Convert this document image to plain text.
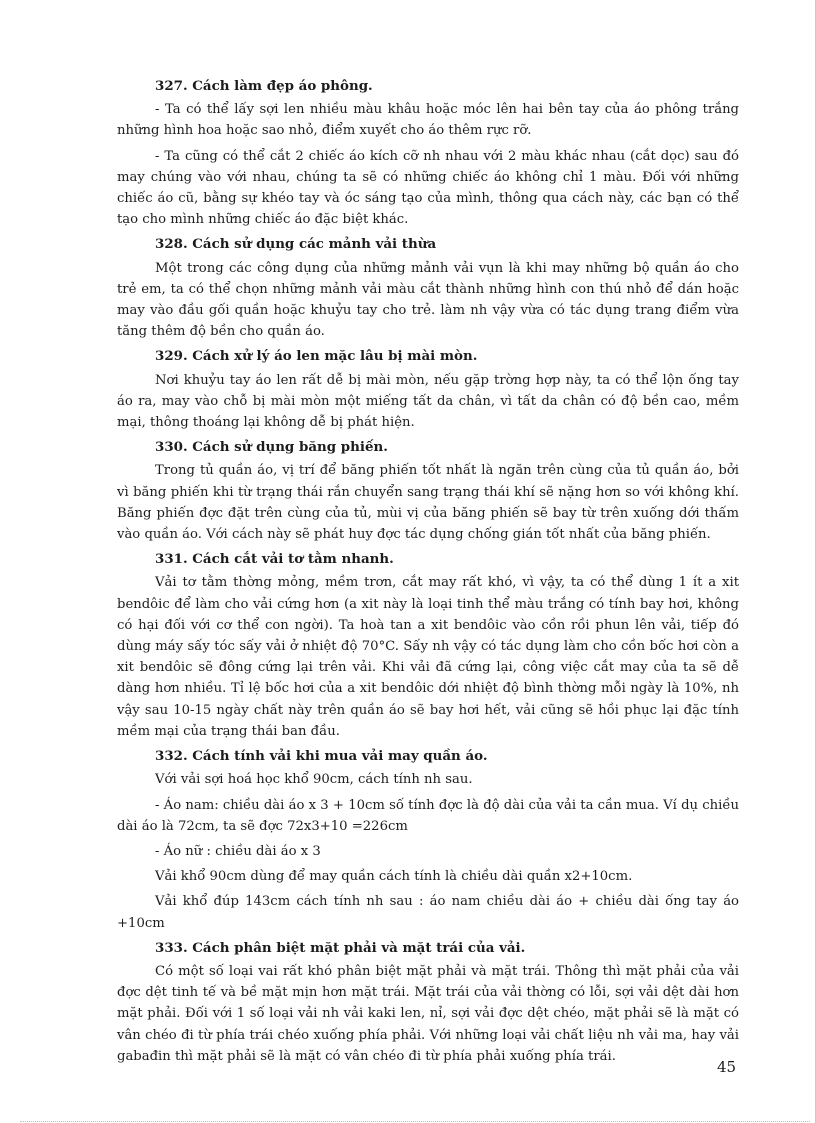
327. Cách làm đẹp áo phông.

- Ta có thể lấy sợi len nhiều màu khâu hoặc móc lên hai bên tay của áo phông trắng những hình hoa hoặc sao nhỏ, điểm xuyết cho áo thêm rực rỡ.

- Ta cũng có thể cắt 2 chiếc áo kích cỡ nh nhau với 2 màu khác nhau (cắt dọc) sau đó may chúng vào với nhau, chúng ta sẽ có những chiếc áo không chỉ 1 màu. Đối với những chiếc áo cũ, bằng sự khéo tay và óc sáng tạo của mình, thông qua cách này, các bạn có thể tạo cho mình những chiếc áo đặc biệt khác.

328. Cách sử dụng các mảnh vải thừa

Một trong các công dụng của những mảnh vải vụn là khi may những bộ quần áo cho trẻ em, ta có thể chọn những mảnh vải màu cắt thành những hình con thú nhỏ để dán hoặc may vào đầu gối quần hoặc khuỷu tay cho trẻ. làm nh vậy vừa có tác dụng trang điểm vừa tăng thêm độ bền cho quần áo.

329. Cách xử lý áo len mặc lâu bị mài mòn.

Nơi khuỷu tay áo len rất dễ bị mài mòn, nếu gặp trờng hợp này, ta có thể lộn ống tay áo ra, may vào chỗ bị mài mòn một miếng tất da chân, vì tất da chân có độ bền cao, mềm mại, thông thoáng lại không dễ bị phát hiện.

330. Cách sử dụng băng phiến.

Trong tủ quần áo, vị trí để băng phiến tốt nhất là ngăn trên cùng của tủ quần áo, bởi vì băng phiến khi từ trạng thái rắn chuyển sang trạng thái khí sẽ nặng hơn so với không khí. Băng phiến đợc đặt trên cùng của tủ, mùi vị của băng phiến sẽ bay từ trên xuống dới thấm vào quần áo. Với cách này sẽ phát huy đợc tác dụng chống gián tốt nhất của băng phiến.

331. Cách cắt vải tơ tằm nhanh.

Vải tơ tằm thờng mỏng, mềm trơn, cắt may rất khó, vì vậy, ta có thể dùng 1 ít a xit bendôic để làm cho vải cứng hơn (a xit này là loại tinh thể màu trắng có tính bay hơi, không có hại đối với cơ thể con ngời). Ta hoà tan a xit bendôic vào cồn rồi phun lên vải, tiếp đó dùng máy sấy tóc sấy vải ở nhiệt độ 70°C. Sấy nh vậy có tác dụng làm cho cồn bốc hơi còn a xit bendôic sẽ đông cứng lại trên vải. Khi vải đã cứng lại, công việc cắt may của ta sẽ dễ dàng hơn nhiều. Tỉ lệ bốc hơi của a xit bendôic dới nhiệt độ bình thờng mỗi ngày là 10%, nh vậy sau 10-15 ngày chất này trên quần áo sẽ bay hơi hết, vải cũng sẽ hồi phục lại đặc tính mềm mại của trạng thái ban đầu.

332. Cách tính vải khi mua vải may quần áo.

Với vải sợi hoá học khổ 90cm, cách tính nh sau.

- Áo nam: chiều dài áo x 3 + 10cm số tính đợc là độ dài của vải ta cần mua. Ví dụ chiều dài áo là 72cm, ta sẽ đợc 72x3+10 =226cm

- Áo nữ : chiều dài áo x 3

Vải khổ 90cm dùng để may quần cách tính là chiều dài quần x2+10cm.

Vải khổ đúp 143cm cách tính nh sau : áo nam chiều dài áo + chiều dài ống tay áo +10cm

333. Cách phân biệt mặt phải và mặt trái của vải.

Có một số loại vai rất khó phân biệt mặt phải và mặt trái. Thông thì mặt phải của vải đợc dệt tinh tế và bề mặt mịn hơn mặt trái. Mặt trái của vải thờng có lỗi, sợi vải dệt dài hơn mặt phải. Đối với 1 số loại vải nh vải kaki len, nỉ, sợi vải đợc dệt chéo, mặt phải sẽ là mặt có vân chéo đi từ phía trái chéo xuống phía phải. Với những loại vải chất liệu nh vải ma, hay vải gabađin thì mặt phải sẽ là mặt có vân chéo đi từ phía phải xuống phía trái.

45
